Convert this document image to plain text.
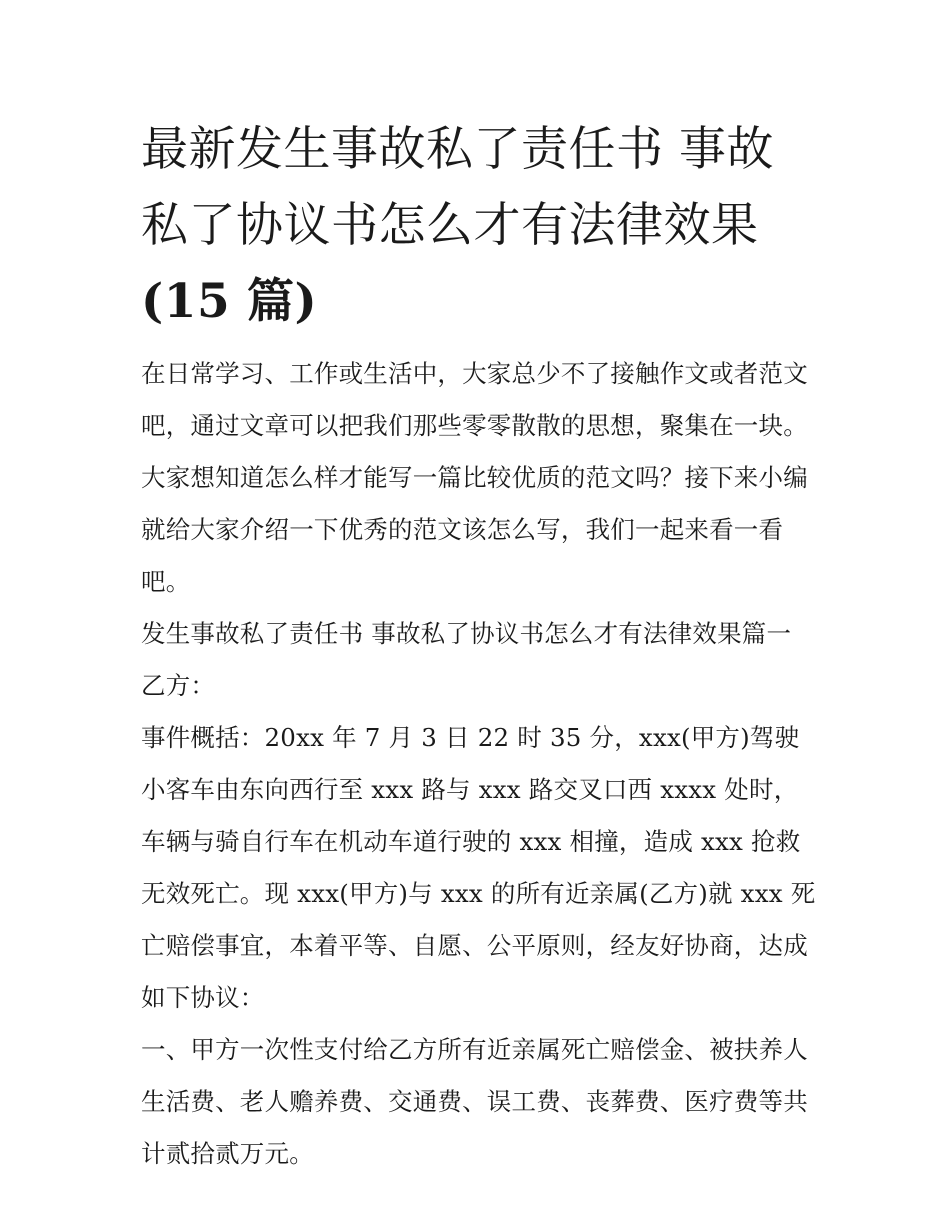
最新发生事故私了责任书 事故
私了协议书怎么才有法律效果
(15 篇)

在日常学习、工作或生活中，大家总少不了接触作文或者范文吧，通过文章可以把我们那些零零散散的思想，聚集在一块。大家想知道怎么样才能写一篇比较优质的范文吗？接下来小编就给大家介绍一下优秀的范文该怎么写，我们一起来看一看吧。

发生事故私了责任书 事故私了协议书怎么才有法律效果篇一

乙方：

事件概括：20xx 年 7 月 3 日 22 时 35 分，xxx(甲方)驾驶小客车由东向西行至 xxx 路与 xxx 路交叉口西 xxxx 处时，车辆与骑自行车在机动车道行驶的 xxx 相撞，造成 xxx 抢救无效死亡。现 xxx(甲方)与 xxx 的所有近亲属(乙方)就 xxx 死亡赔偿事宜，本着平等、自愿、公平原则，经友好协商，达成如下协议：

一、甲方一次性支付给乙方所有近亲属死亡赔偿金、被扶养人生活费、老人赡养费、交通费、误工费、丧葬费、医疗费等共计贰拾贰万元。
